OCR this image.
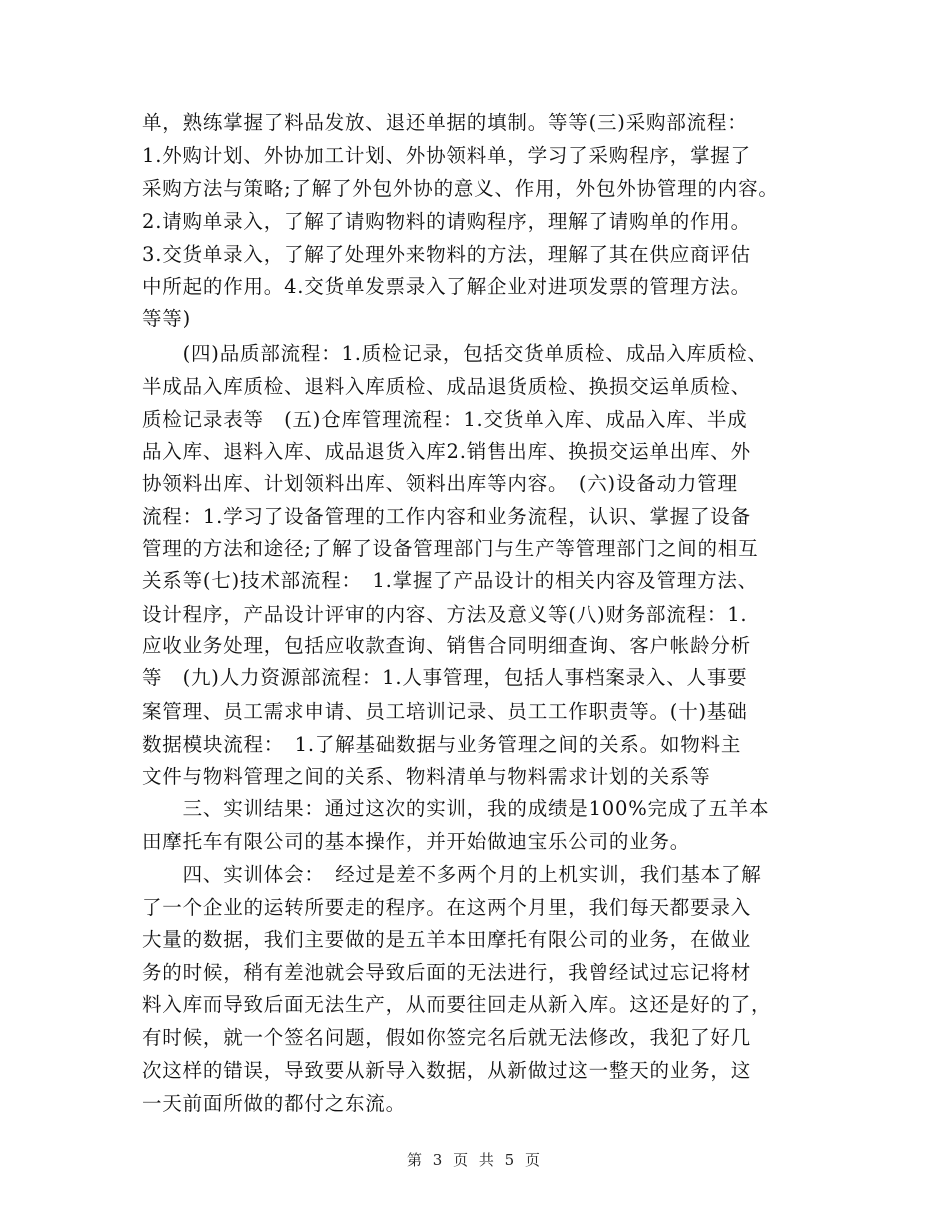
单，熟练掌握了料品发放、退还单据的填制。等等(三)采购部流程：
1.外购计划、外协加工计划、外协领料单，学习了采购程序，掌握了
采购方法与策略;了解了外包外协的意义、作用，外包外协管理的内容。
2.请购单录入，了解了请购物料的请购程序，理解了请购单的作用。
3.交货单录入，了解了处理外来物料的方法，理解了其在供应商评估
中所起的作用。4.交货单发票录入了解企业对进项发票的管理方法。
等等)
　　(四)品质部流程：1.质检记录，包括交货单质检、成品入库质检、
半成品入库质检、退料入库质检、成品退货质检、换损交运单质检、
质检记录表等　(五)仓库管理流程：1.交货单入库、成品入库、半成
品入库、退料入库、成品退货入库2.销售出库、换损交运单出库、外
协领料出库、计划领料出库、领料出库等内容。　(六)设备动力管理
流程：1.学习了设备管理的工作内容和业务流程，认识、掌握了设备
管理的方法和途径;了解了设备管理部门与生产等管理部门之间的相互
关系等(七)技术部流程：　1.掌握了产品设计的相关内容及管理方法、
设计程序，产品设计评审的内容、方法及意义等(八)财务部流程：1.
应收业务处理，包括应收款查询、销售合同明细查询、客户帐龄分析
等　(九)人力资源部流程：1.人事管理，包括人事档案录入、人事要
案管理、员工需求申请、员工培训记录、员工工作职责等。(十)基础
数据模块流程：　1.了解基础数据与业务管理之间的关系。如物料主
文件与物料管理之间的关系、物料清单与物料需求计划的关系等
　　三、实训结果：通过这次的实训，我的成绩是100%完成了五羊本
田摩托车有限公司的基本操作，并开始做迪宝乐公司的业务。
　　四、实训体会：　经过是差不多两个月的上机实训，我们基本了解
了一个企业的运转所要走的程序。在这两个月里，我们每天都要录入
大量的数据，我们主要做的是五羊本田摩托有限公司的业务，在做业
务的时候，稍有差池就会导致后面的无法进行，我曾经试过忘记将材
料入库而导致后面无法生产，从而要往回走从新入库。这还是好的了，
有时候，就一个签名问题，假如你签完名后就无法修改，我犯了好几
次这样的错误，导致要从新导入数据，从新做过这一整天的业务，这
一天前面所做的都付之东流。
第 3 页 共 5 页
